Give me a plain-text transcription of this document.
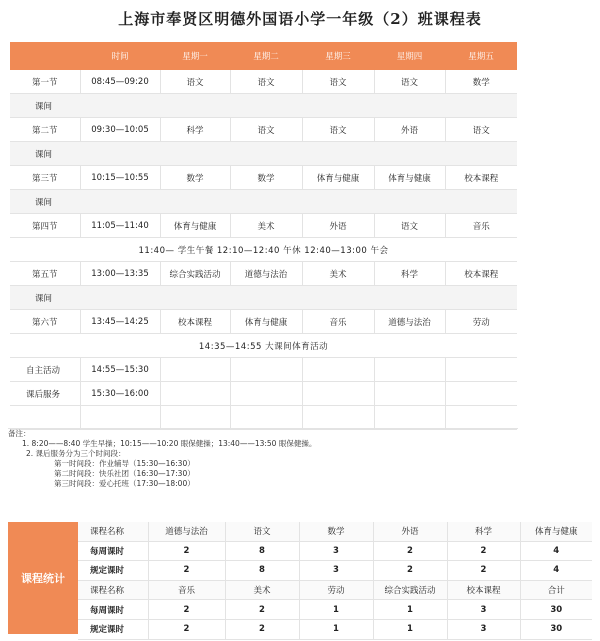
上海市奉贤区明德外国语小学一年级（2）班课程表
	时间	星期一	星期二	星期三	星期四	星期五
第一节	08:45—09:20	语文	语文	语文	语文	数学
课间						
第二节	09:30—10:05	科学	语文	语文	外语	语文
课间						
第三节	10:15—10:55	数学	数学	体育与健康	体育与健康	校本课程
课间						
第四节	11:05—11:40	体育与健康	美术	外语	语文	音乐
11:40— 学生午餐 12:10—12:40 午休 12:40—13:00 午会						
第五节	13:00—13:35	综合实践活动	道德与法治	美术	科学	校本课程
课间						
第六节	13:45—14:25	校本课程	体育与健康	音乐	道德与法治	劳动
14:35—14:55 大课间体育活动						
自主活动	14:55—15:30					
课后服务	15:30—16:00					

备注：
1. 8:20——8:40 学生早操；10:15——10:20 眼保健操；13:40——13:50 眼保健操。
2. 课后服务分为三个时间段：
第一时间段：作业辅导（15:30—16:30）
第二时间段：快乐社团（16:30—17:30）
第三时间段：爱心托班（17:30—18:00）
课程统计
课程名称	道德与法治	语文	数学	外语	科学	体育与健康
每周课时	2	8	3	2	2	4
规定课时	2	8	3	2	2	4
课程名称	音乐	美术	劳动	综合实践活动	校本课程	合计
每周课时	2	2	1	1	3	30
规定课时	2	2	1	1	3	30
